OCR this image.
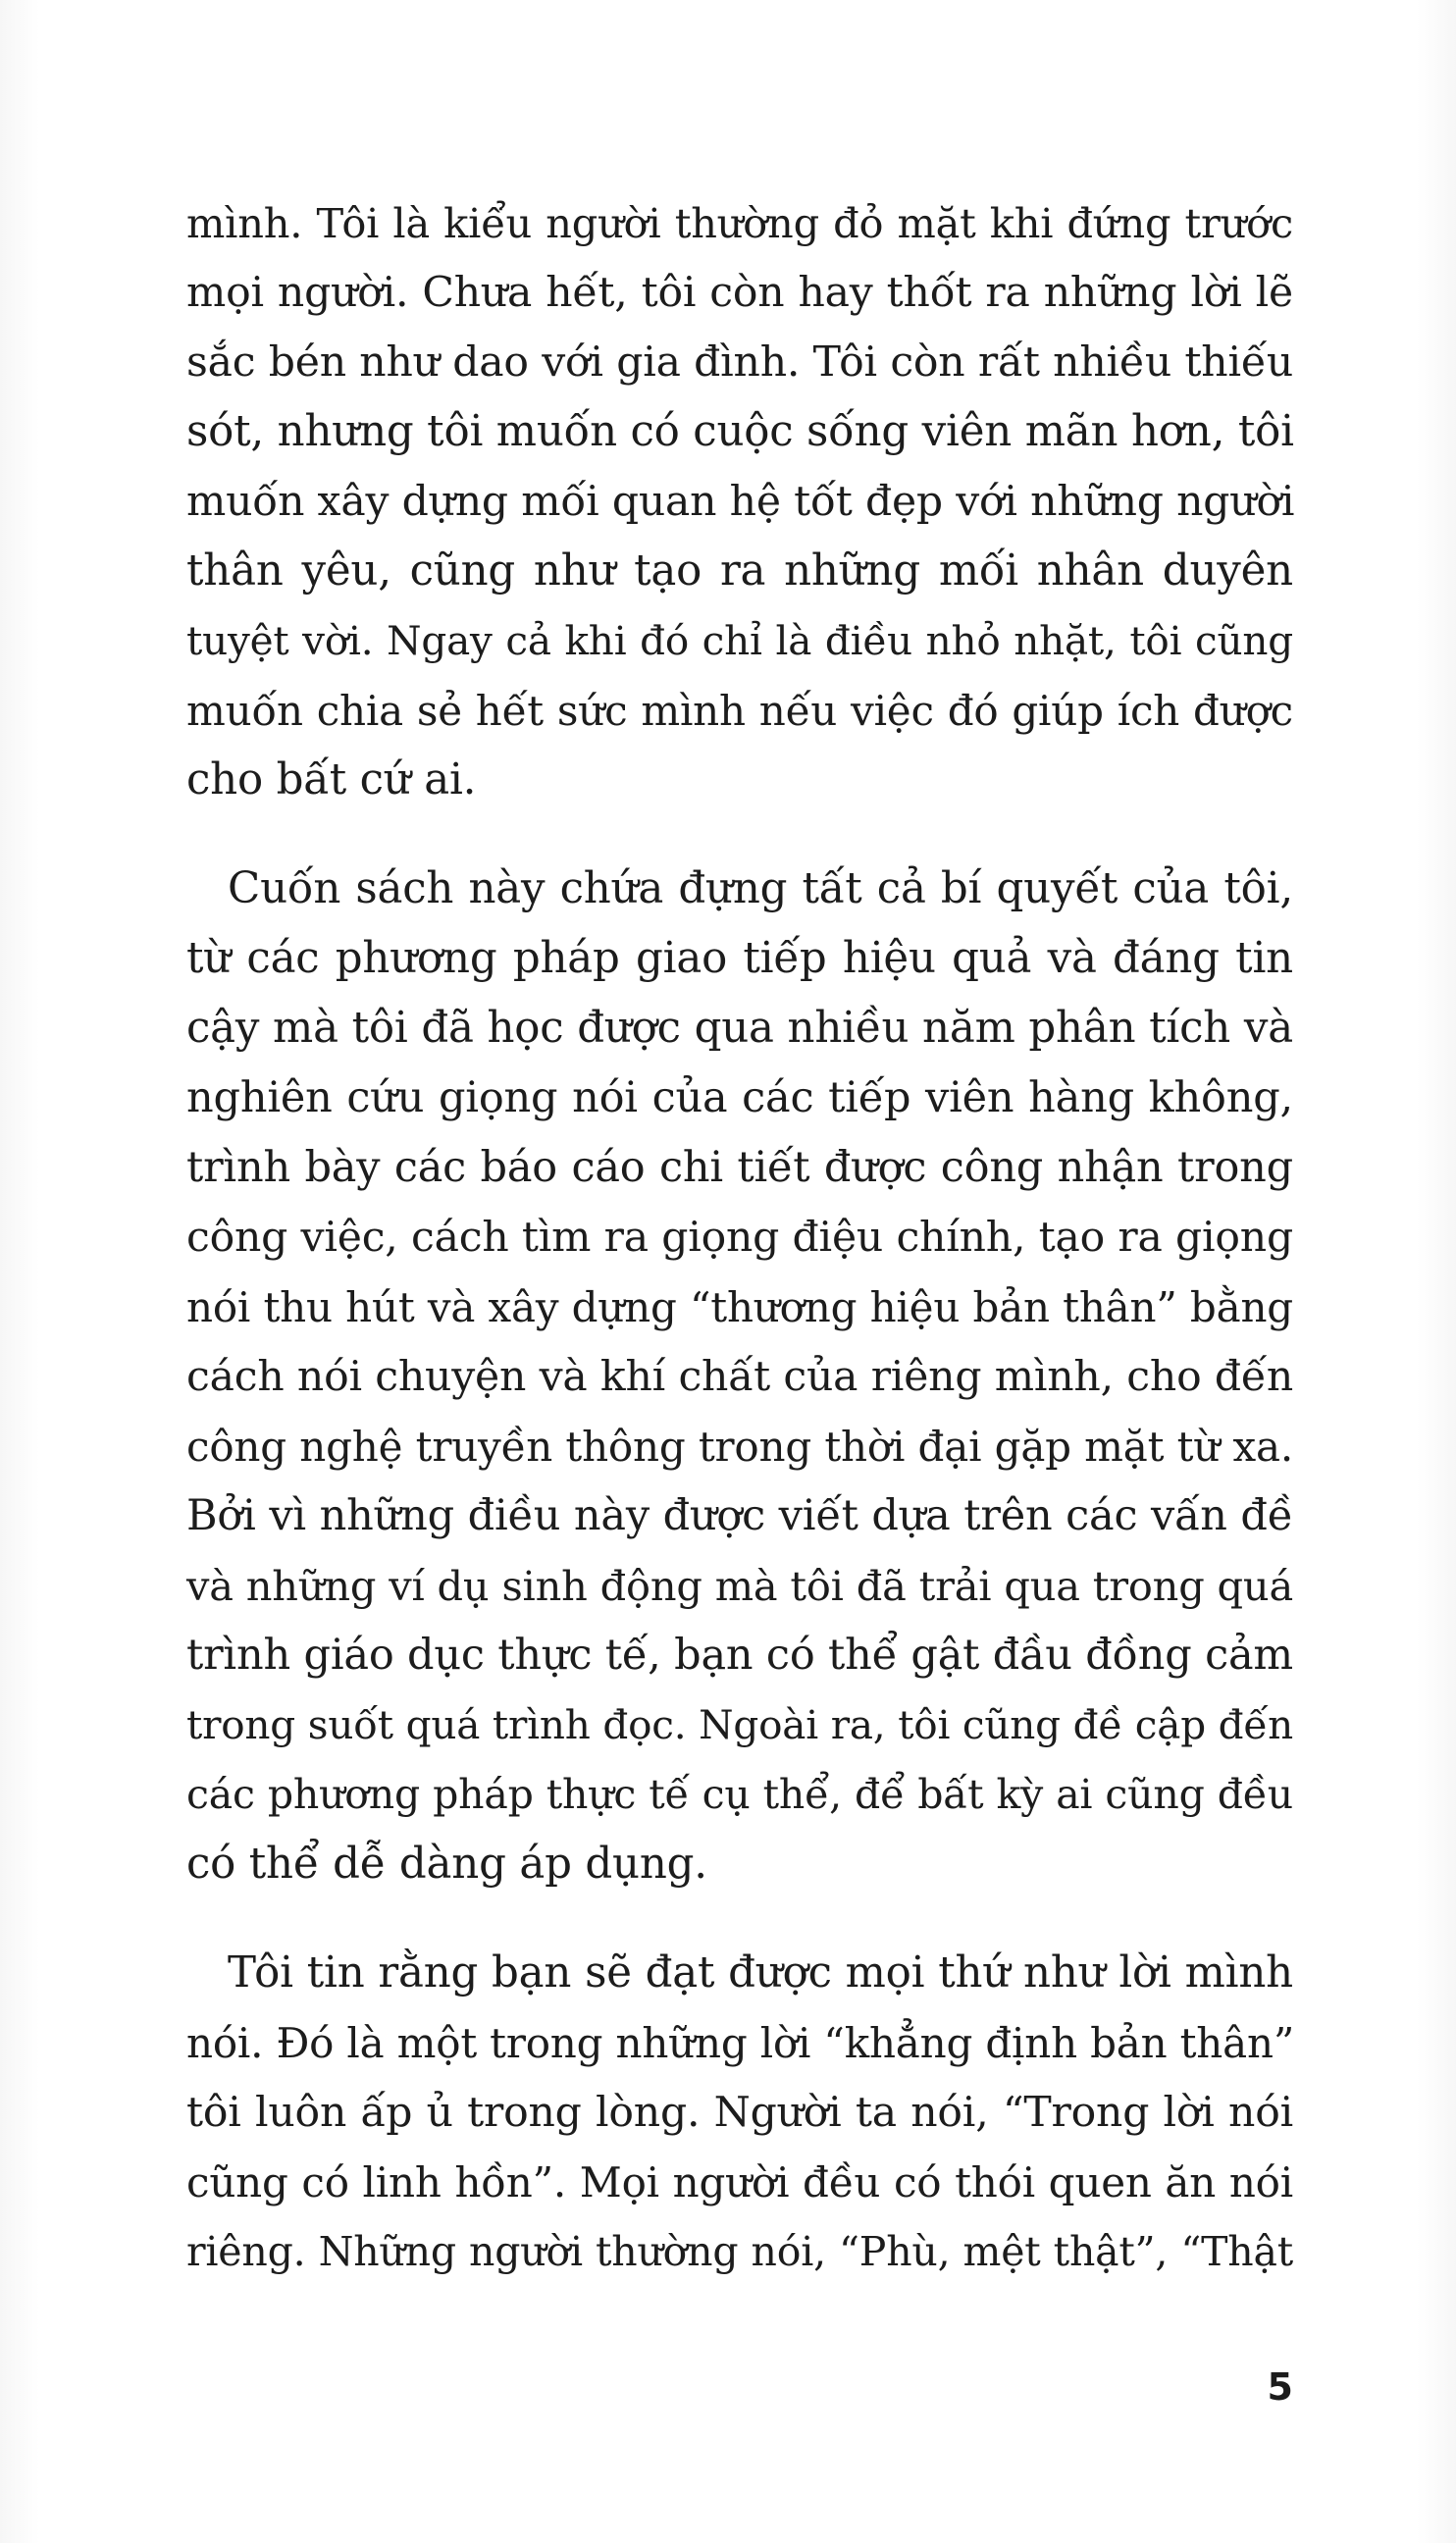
mình. Tôi là kiểu người thường đỏ mặt khi đứng trước
mọi người. Chưa hết, tôi còn hay thốt ra những lời lẽ
sắc bén như dao với gia đình. Tôi còn rất nhiều thiếu
sót, nhưng tôi muốn có cuộc sống viên mãn hơn, tôi
muốn xây dựng mối quan hệ tốt đẹp với những người
thân yêu, cũng như tạo ra những mối nhân duyên
tuyệt vời. Ngay cả khi đó chỉ là điều nhỏ nhặt, tôi cũng
muốn chia sẻ hết sức mình nếu việc đó giúp ích được
cho bất cứ ai.
Cuốn sách này chứa đựng tất cả bí quyết của tôi,
từ các phương pháp giao tiếp hiệu quả và đáng tin
cậy mà tôi đã học được qua nhiều năm phân tích và
nghiên cứu giọng nói của các tiếp viên hàng không,
trình bày các báo cáo chi tiết được công nhận trong
công việc, cách tìm ra giọng điệu chính, tạo ra giọng
nói thu hút và xây dựng “thương hiệu bản thân” bằng
cách nói chuyện và khí chất của riêng mình, cho đến
công nghệ truyền thông trong thời đại gặp mặt từ xa.
Bởi vì những điều này được viết dựa trên các vấn đề
và những ví dụ sinh động mà tôi đã trải qua trong quá
trình giáo dục thực tế, bạn có thể gật đầu đồng cảm
trong suốt quá trình đọc. Ngoài ra, tôi cũng đề cập đến
các phương pháp thực tế cụ thể, để bất kỳ ai cũng đều
có thể dễ dàng áp dụng.
Tôi tin rằng bạn sẽ đạt được mọi thứ như lời mình
nói. Đó là một trong những lời “khẳng định bản thân”
tôi luôn ấp ủ trong lòng. Người ta nói, “Trong lời nói
cũng có linh hồn”. Mọi người đều có thói quen ăn nói
riêng. Những người thường nói, “Phù, mệt thật”, “Thật
5
